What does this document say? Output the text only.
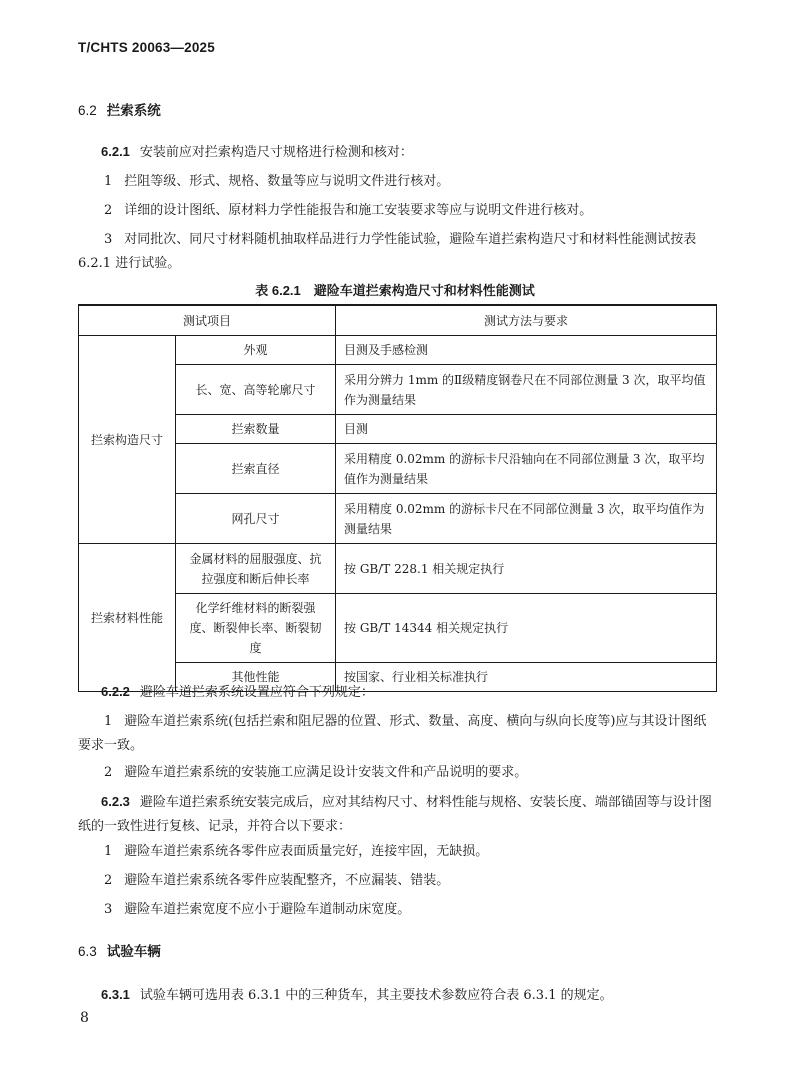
T/CHTS 20063—2025
6.2 拦索系统
6.2.1 安装前应对拦索构造尺寸规格进行检测和核对：
1 拦阻等级、形式、规格、数量等应与说明文件进行核对。
2 详细的设计图纸、原材料力学性能报告和施工安装要求等应与说明文件进行核对。
3 对同批次、同尺寸材料随机抽取样品进行力学性能试验，避险车道拦索构造尺寸和材料性能测试按表 6.2.1 进行试验。
表 6.2.1　避险车道拦索构造尺寸和材料性能测试
测试项目		测试方法与要求
拦索构造尺寸	外观	目测及手感检测
	长、宽、高等轮廓尺寸	采用分辨力 1mm 的Ⅱ级精度钢卷尺在不同部位测量 3 次，取平均值作为测量结果
	拦索数量	目测
	拦索直径	采用精度 0.02mm 的游标卡尺沿轴向在不同部位测量 3 次，取平均值作为测量结果
	网孔尺寸	采用精度 0.02mm 的游标卡尺在不同部位测量 3 次，取平均值作为测量结果
拦索材料性能	金属材料的屈服强度、抗拉强度和断后伸长率	按 GB/T 228.1 相关规定执行
	化学纤维材料的断裂强度、断裂伸长率、断裂韧度	按 GB/T 14344 相关规定执行
	其他性能	按国家、行业相关标准执行
6.2.2 避险车道拦索系统设置应符合下列规定：
1 避险车道拦索系统(包括拦索和阻尼器的位置、形式、数量、高度、横向与纵向长度等)应与其设计图纸要求一致。
2 避险车道拦索系统的安装施工应满足设计安装文件和产品说明的要求。
6.2.3 避险车道拦索系统安装完成后，应对其结构尺寸、材料性能与规格、安装长度、端部锚固等与设计图纸的一致性进行复核、记录，并符合以下要求：
1 避险车道拦索系统各零件应表面质量完好，连接牢固，无缺损。
2 避险车道拦索系统各零件应装配整齐，不应漏装、错装。
3 避险车道拦索宽度不应小于避险车道制动床宽度。
6.3 试验车辆
6.3.1 试验车辆可选用表 6.3.1 中的三种货车，其主要技术参数应符合表 6.3.1 的规定。
8
